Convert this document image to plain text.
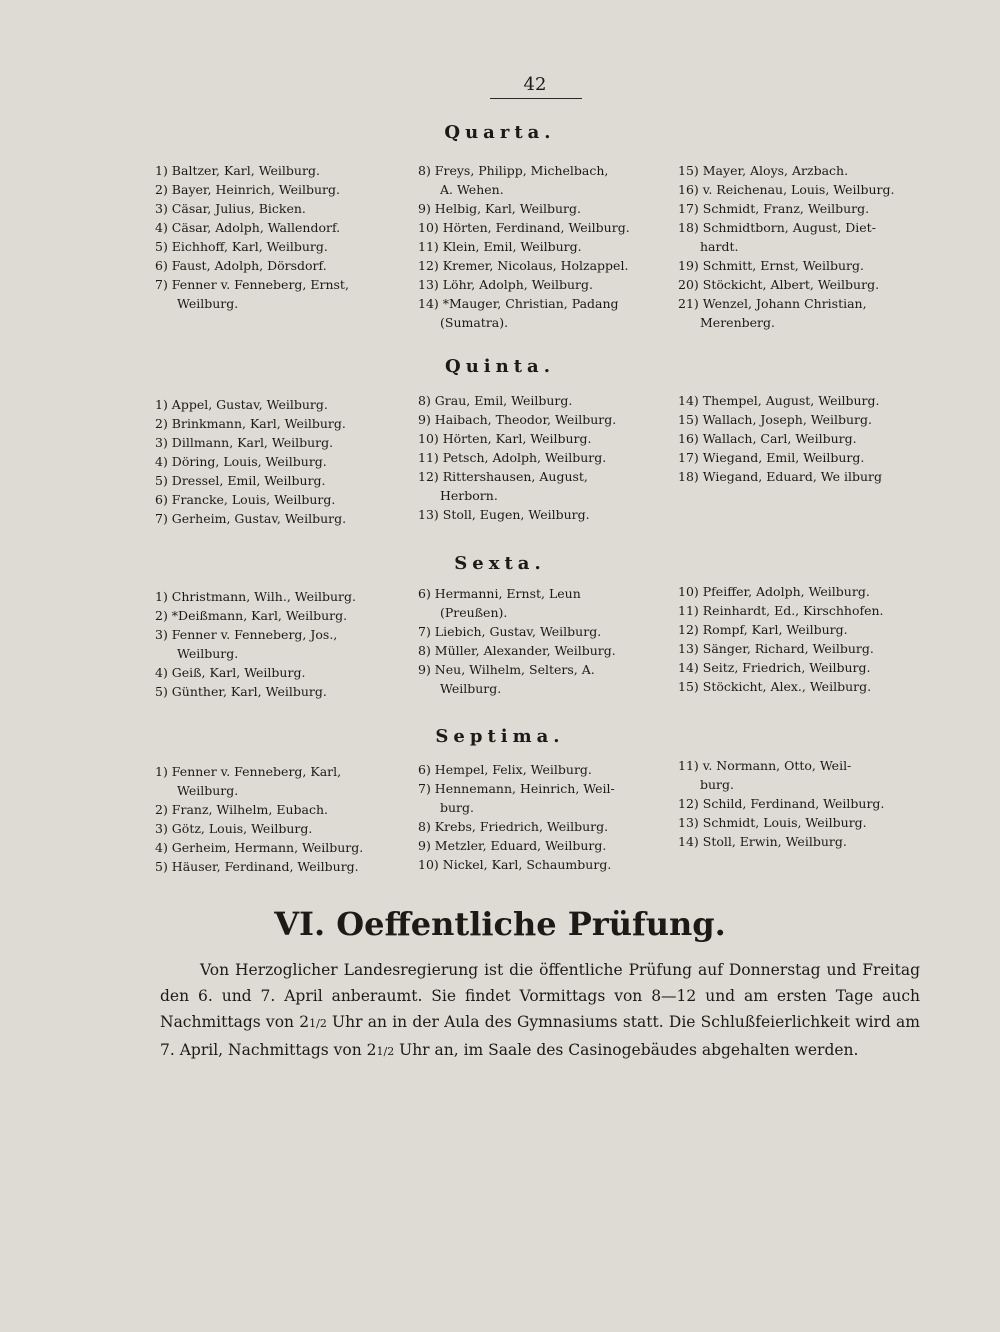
42
Quarta.
1) Baltzer, Karl, Weilburg.
2) Bayer, Heinrich, Weilburg.
3) Cäsar, Julius, Bicken.
4) Cäsar, Adolph, Wallendorf.
5) Eichhoff, Karl, Weilburg.
6) Faust, Adolph, Dörsdorf.
7) Fenner v. Fenneberg, Ernst,
Weilburg.
8) Freys, Philipp, Michelbach,
A. Wehen.
9) Helbig, Karl, Weilburg.
10) Hörten, Ferdinand, Weilburg.
11) Klein, Emil, Weilburg.
12) Kremer, Nicolaus, Holzappel.
13) Löhr, Adolph, Weilburg.
14) *Mauger, Christian, Padang
(Sumatra).
15) Mayer, Aloys, Arzbach.
16) v. Reichenau, Louis, Weilburg.
17) Schmidt, Franz, Weilburg.
18) Schmidtborn, August, Diet-
hardt.
19) Schmitt, Ernst, Weilburg.
20) Stöckicht, Albert, Weilburg.
21) Wenzel, Johann Christian,
Merenberg.
Quinta.
1) Appel, Gustav, Weilburg.
2) Brinkmann, Karl, Weilburg.
3) Dillmann, Karl, Weilburg.
4) Döring, Louis, Weilburg.
5) Dressel, Emil, Weilburg.
6) Francke, Louis, Weilburg.
7) Gerheim, Gustav, Weilburg.
8) Grau, Emil, Weilburg.
9) Haibach, Theodor, Weilburg.
10) Hörten, Karl, Weilburg.
11) Petsch, Adolph, Weilburg.
12) Rittershausen, August,
Herborn.
13) Stoll, Eugen, Weilburg.
14) Thempel, August, Weilburg.
15) Wallach, Joseph, Weilburg.
16) Wallach, Carl, Weilburg.
17) Wiegand, Emil, Weilburg.
18) Wiegand, Eduard, We ilburg
Sexta.
1) Christmann, Wilh., Weilburg.
2) *Deißmann, Karl, Weilburg.
3) Fenner v. Fenneberg, Jos.,
Weilburg.
4) Geiß, Karl, Weilburg.
5) Günther, Karl, Weilburg.
6) Hermanni, Ernst, Leun
(Preußen).
7) Liebich, Gustav, Weilburg.
8) Müller, Alexander, Weilburg.
9) Neu, Wilhelm, Selters, A.
Weilburg.
10) Pfeiffer, Adolph, Weilburg.
11) Reinhardt, Ed., Kirschhofen.
12) Rompf, Karl, Weilburg.
13) Sänger, Richard, Weilburg.
14) Seitz, Friedrich, Weilburg.
15) Stöckicht, Alex., Weilburg.
Septima.
1) Fenner v. Fenneberg, Karl,
Weilburg.
2) Franz, Wilhelm, Eubach.
3) Götz, Louis, Weilburg.
4) Gerheim, Hermann, Weilburg.
5) Häuser, Ferdinand, Weilburg.
6) Hempel, Felix, Weilburg.
7) Hennemann, Heinrich, Weil-
burg.
8) Krebs, Friedrich, Weilburg.
9) Metzler, Eduard, Weilburg.
10) Nickel, Karl, Schaumburg.
11) v. Normann, Otto, Weil-
burg.
12) Schild, Ferdinand, Weilburg.
13) Schmidt, Louis, Weilburg.
14) Stoll, Erwin, Weilburg.
VI. Oeffentliche Prüfung.

Von Herzoglicher Landesregierung ist die öffentliche Prüfung auf Donnerstag und Freitag den 6. und 7. April anberaumt. Sie findet Vormittags von 8—12 und am ersten Tage auch Nachmittags von 21/2 Uhr an in der Aula des Gymnasiums statt. Die Schlußfeierlichkeit wird am 7. April, Nachmittags von 21/2 Uhr an, im Saale des Casinogebäudes abgehalten werden.
